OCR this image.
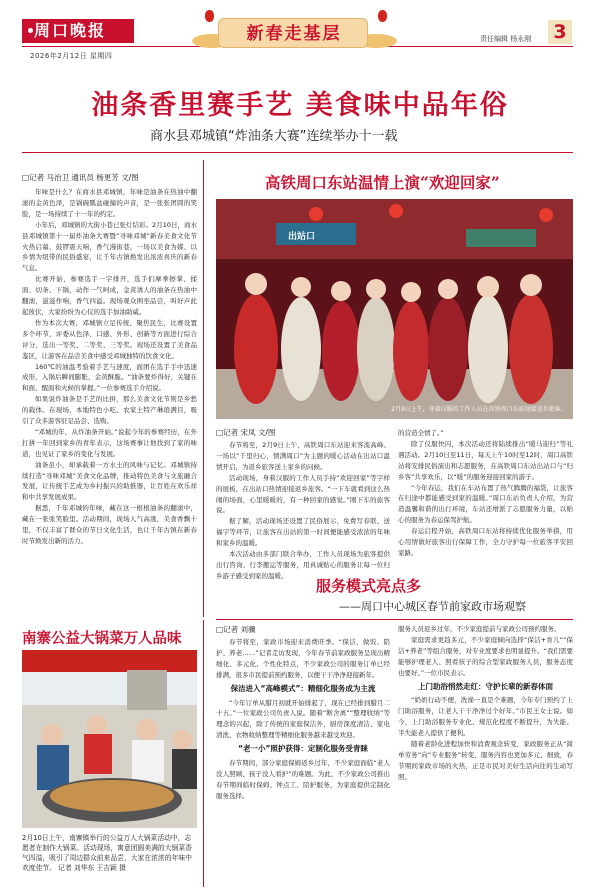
周口晚报
2026年2月12日 星期四
新春走基层	责任编辑 杨永刚 3
油条香里赛手艺 美食味中品年俗
商水县邓城镇“炸油条大赛”连续举办十一载
□记者 马治卫 通讯员 杨更芳 文/图

年味是什么？在商水县邓城镇，年味是油条在热油中翻滚的金黄色泽，是锅碗瓢盆碰撞的声音，是一张张团圆的笑脸，是一场持续了十一年的约定。

小年后，邓城镇的大街小巷已张灯结彩。2月10日，商水县邓城镇第十一届炸油条大赛暨“寻味邓城”新春美食文化节火热启幕，鼓锣震天响，香气漫街巷，一场以美食为媒、以乡情为纽带的民俗盛宴，让千年古镇焕发出浓浓喜庆的新春气息。

比赛开始，参赛选手一字排开，选手们摩拳擦掌、揉面、切条、下锅，动作一气呵成，金黄诱人的油条在热油中翻滚，滋滋作响，香气四溢。现场观众围坐品尝，叫好声此起彼伏，大家纷纷为心仪的选手加油助威。

作为本次大赛，邓城镇立足传统、聚焦民生，比赛设置多个环节，评委从色泽、口感、外形、创新等方面进行综合评分，选出一等奖、二等奖、三等奖。现场还设置了美食品鉴区，让游客在品尝美食中感受邓城独特的饮食文化。

160℃的油温考验着手艺与速度，面团在选手手中迅速成形，入锅后瞬间膨胀，金黄酥脆。“油条要炸得好，关键在和面、醒面和火候的掌握。”一位参赛选手介绍说。

如果说炸油条是手艺的比拼，那么美食文化节则是乡愁的载体。在现场，本地特色小吃、农家土特产琳琅满目，吸引了众多游客驻足品尝、选购。

“邓城的年，从炸油条开始。”说起今年的参赛经历，在外打拼一年回到家乡的青年表示，这场赛事让他找到了家的味道，也见证了家乡的变化与发展。

油条虽小，却承载着一方水土的风味与记忆。邓城镇持续打造“寻味邓城”美食文化品牌，推动特色美食与文旅融合发展，让传统手艺成为乡村振兴的助推器，让百姓在欢乐祥和中共享发展成果。

据悉，千年邓城的年味，藏在这一根根油条的翻滚中，藏在一张张笑脸里。活动期间，现场人气高涨，美食香飘十里，不仅丰富了群众的节日文化生活，也让千年古镇在新春时节焕发出新的活力。

高铁周口东站温情上演“欢迎回家”
出站口
2月9日上午，身着汉服的工作人员在高铁周口东站迎接返乡旅客。
□记者 宋凤 文/图

春节将至，2月9日上午，高铁周口东站迎来客流高峰。一场以“千里归心，情满周口”为主题的暖心活动在出站口温情开启，为返乡旅客送上家乡的问候。

活动现场，身着汉服的工作人员手持“欢迎回家”等字样的展板，在出站口热情迎接返乡旅客。“一下车就看到这么热闹的场面，心里暖暖的，有一种回家的感觉。”刚下车的旅客说。

据了解，活动现场还设置了民俗展示、免费写春联、送福字等环节，让旅客在出站的第一时间便能感受浓浓的年味和家乡的温暖。

本次活动由多部门联合举办，工作人员现场为旅客提供出行咨询、行李搬运等服务，用真诚贴心的服务让每一位归乡游子感受到家的温暖。

的营造全情了。”

除了仪服快闪，本次活动还将陆续推出“暖马迎归”等礼遇活动。2月10日至11日，每天上午10时至12时，周口高铁站将安排民俗演出和志愿服务，在高铁周口东站出站口与“归乡客”共享欢乐，以“暖”的服务迎接回家的游子。

“今年春运，我们在车站布置了热气腾腾的福袋，让旅客在归途中都能感受到家的温暖。”周口东站负责人介绍，为营造温馨和谐的出行环境，车站还增派了志愿服务力量，以贴心的服务为春运保驾护航。

春运启程开始，高铁周口东站将持续优化服务举措，用心用情做好旅客出行保障工作，全力守护每一位旅客平安回家路。

服务模式亮点多
——周口中心城区春节前家政市场观察
□记者 刘骥

春节将至，家政市场迎来消费旺季。“保洁、做饭、陪护、养老……”记者走访发现，今年春节前家政服务呈现出精细化、多元化、个性化特点，不少家政公司的服务订单已经排满，很多市民提前预约服务，以便干干净净迎接新年。

保洁进入“高峰模式”：精细化服务成为主流

“今年订单从腊月初就开始排起了，现在已经排到腊月二十五。”一位家政公司负责人说。随着“断舍离”“整理收纳”等理念的兴起，除了传统的家庭保洁外，厨房深度清洁、家电清洗、衣物收纳整理等精细化服务越来越受欢迎。

“老一小”照护获得：定制化服务受青睐

春节期间，部分家庭保姆返乡过年，不少家庭面临“老人没人照顾、孩子没人看护”的难题。为此，不少家政公司推出春节期间临时保姆、钟点工、陪护服务，为家庭提供定制化服务选择。

服务人员返乡过年，不少家庭提前与家政公司预约服务。

家庭需求更趋多元，不少家庭倾向选择“保洁+育儿”“保洁+养老”等组合服务，对专业度要求也明显提升。“我们需要能够护理老人、照看孩子的综合型家政服务人员，服务态度也要好。”一位市民表示。

上门助浴悄然走红：守护长辈的新春体面

“奶奶行动不便，洗澡一直是个难题，今年专门预约了上门助浴服务，让老人干干净净过个好年。”市民王女士说。如今，上门助浴服务专业化、规范化程度不断提升，为失能、半失能老人提供了便利。

随着老龄化进程加快和消费观念转变，家政服务正从“简单劳务”向“专业服务”转变，服务内容也更加多元、细致，春节期间家政市场的火热，正是市民对美好生活向往的生动写照。

南寨公益大锅菜万人品味
2月10日上午，南寨镇举行的公益万人大锅菜活动中，志愿者在制作大锅菜。活动现场，寓意团圆美满的大锅菜香气四溢，吸引了周边群众前来品尝，大家在浓浓的年味中欢度佳节。 记者 刘华东 王吉颖 摄
